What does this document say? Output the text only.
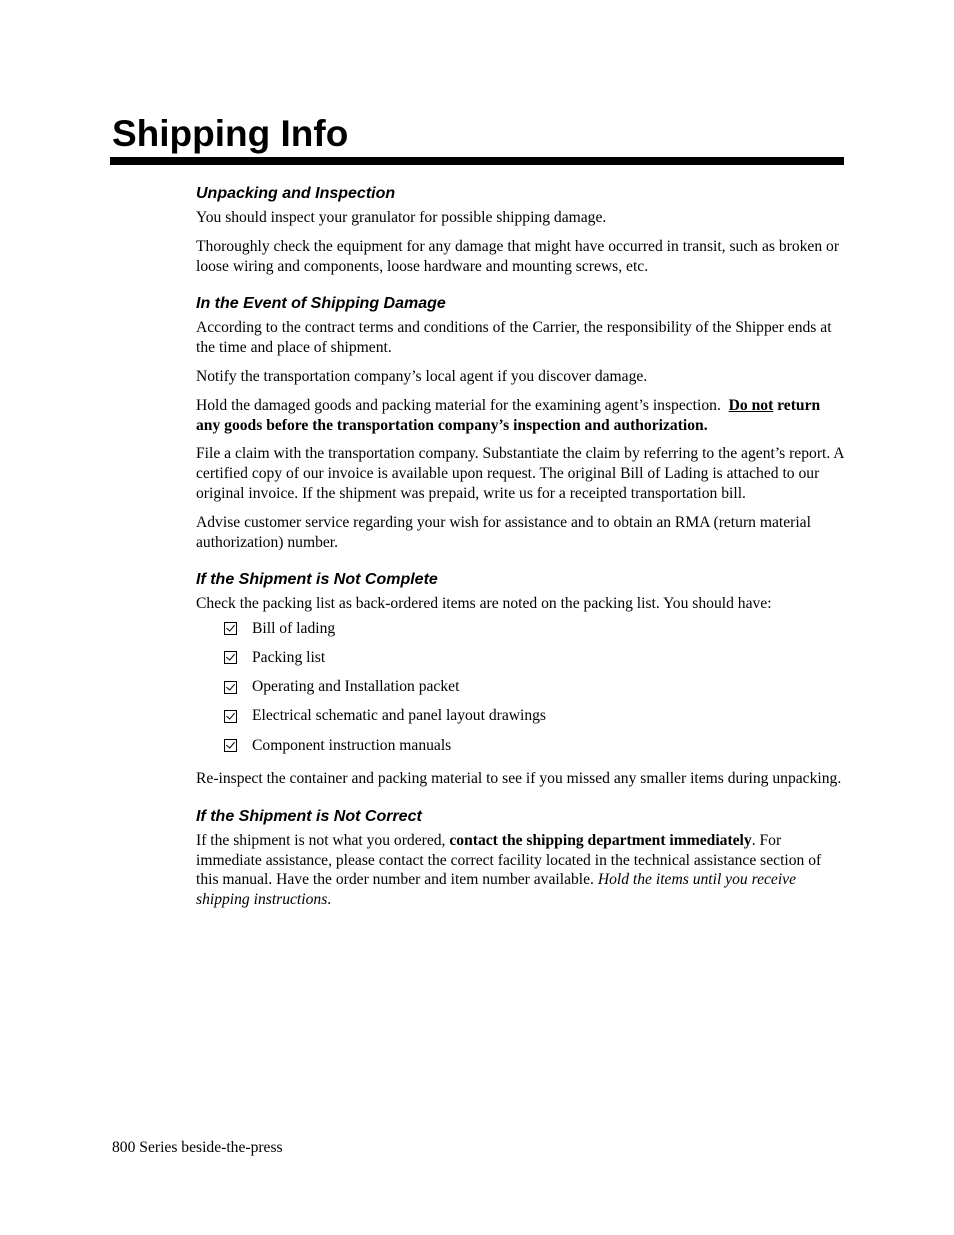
Shipping Info
Unpacking and Inspection

You should inspect your granulator for possible shipping damage.

Thoroughly check the equipment for any damage that might have occurred in transit, such as broken or loose wiring and components, loose hardware and mounting screws, etc.

In the Event of Shipping Damage

According to the contract terms and conditions of the Carrier, the responsibility of the Shipper ends at the time and place of shipment.

Notify the transportation company’s local agent if you discover damage.

Hold the damaged goods and packing material for the examining agent’s inspection.  Do not return any goods before the transportation company’s inspection and authorization.

File a claim with the transportation company. Substantiate the claim by referring to the agent’s report. A certified copy of our invoice is available upon request. The original Bill of Lading is attached to our original invoice. If the shipment was prepaid, write us for a receipted transportation bill.

Advise customer service regarding your wish for assistance and to obtain an RMA (return material authorization) number.

If the Shipment is Not Complete

Check the packing list as back-ordered items are noted on the packing list. You should have:

Bill of lading
Packing list
Operating and Installation packet
Electrical schematic and panel layout drawings
Component instruction manuals

Re-inspect the container and packing material to see if you missed any smaller items during unpacking.

If the Shipment is Not Correct

If the shipment is not what you ordered, contact the shipping department immediately. For immediate assistance, please contact the correct facility located in the technical assistance section of this manual. Have the order number and item number available. Hold the items until you receive shipping instructions.

800 Series beside-the-press
